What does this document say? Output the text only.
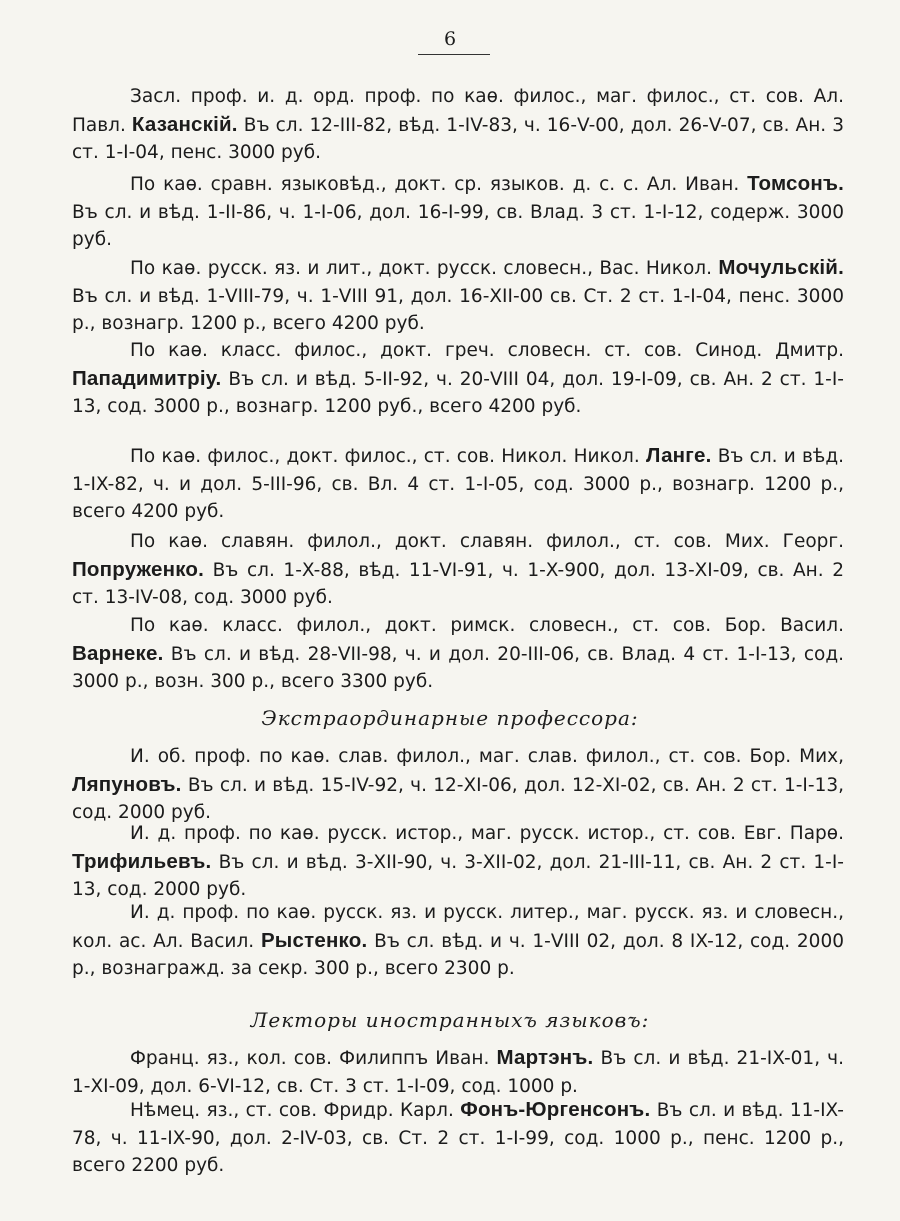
6

Засл. проф. и. д. орд. проф. по каѳ. филос., маг. филос., ст. сов. Ал. Павл. Казанскiй. Въ сл. 12-III-82, вѣд. 1-IV-83, ч. 16-V-00, дол. 26-V-07, св. Ан. 3 ст. 1-I-04, пенс. 3000 руб.

По каѳ. сравн. языковѣд., докт. ср. языков. д. с. с. Ал. Иван. Томсонъ. Въ сл. и вѣд. 1-II-86, ч. 1-I-06, дол. 16-I-99, св. Влад. 3 ст. 1-I-12, содерж. 3000 руб.

По каѳ. русск. яз. и лит., докт. русск. словесн., Вас. Никол. Мочульскiй. Въ сл. и вѣд. 1-VIII-79, ч. 1-VIII 91, дол. 16-XII-00 св. Ст. 2 ст. 1-I-04, пенс. 3000 р., вознагр. 1200 р., всего 4200 руб.

По каѳ. класс. филос., докт. греч. словесн. ст. сов. Синод. Дмитр. Пападимитрiу. Въ сл. и вѣд. 5-II-92, ч. 20-VIII 04, дол. 19-I-09, св. Ан. 2 ст. 1-I-13, сод. 3000 р., вознагр. 1200 руб., всего 4200 руб.

По каѳ. филос., докт. филос., ст. сов. Никол. Никол. Ланге. Въ сл. и вѣд. 1-IX-82, ч. и дол. 5-III-96, св. Вл. 4 ст. 1-I-05, сод. 3000 р., вознагр. 1200 р., всего 4200 руб.

По каѳ. славян. филол., докт. славян. филол., ст. сов. Мих. Георг. Попруженко. Въ сл. 1-X-88, вѣд. 11-VI-91, ч. 1-X-900, дол. 13-XI-09, св. Ан. 2 ст. 13-IV-08, сод. 3000 руб.

По каѳ. класс. филол., докт. римск. словесн., ст. сов. Бор. Васил. Варнеке. Въ сл. и вѣд. 28-VII-98, ч. и дол. 20-III-06, св. Влад. 4 ст. 1-I-13, сод. 3000 р., возн. 300 р., всего 3300 руб.

Экстраординарные профессора:

И. об. проф. по каѳ. слав. филол., маг. слав. филол., ст. сов. Бор. Мих, Ляпуновъ. Въ сл. и вѣд. 15-IV-92, ч. 12-XI-06, дол. 12-XI-02, св. Ан. 2 ст. 1-I-13, сод. 2000 руб.

И. д. проф. по каѳ. русск. истор., маг. русск. истор., ст. сов. Евг. Парѳ. Трифильевъ. Въ сл. и вѣд. 3-XII-90, ч. 3-XII-02, дол. 21-III-11, св. Ан. 2 ст. 1-I-13, сод. 2000 руб.

И. д. проф. по каѳ. русск. яз. и русск. литер., маг. русск. яз. и словесн., кол. ас. Ал. Васил. Рыстенко. Въ сл. вѣд. и ч. 1-VIII 02, дол. 8 IX-12, сод. 2000 р., вознагражд. за секр. 300 р., всего 2300 р.

Лекторы иностранныхъ языковъ:

Франц. яз., кол. сов. Филиппъ Иван. Мартэнъ. Въ сл. и вѣд. 21-IX-01, ч. 1-XI-09, дол. 6-VI-12, св. Ст. 3 ст. 1-I-09, сод. 1000 р.

Нѣмец. яз., ст. сов. Фридр. Карл. Фонъ-Юргенсонъ. Въ сл. и вѣд. 11-IX-78, ч. 11-IX-90, дол. 2-IV-03, св. Ст. 2 ст. 1-I-99, сод. 1000 р., пенс. 1200 р., всего 2200 руб.
